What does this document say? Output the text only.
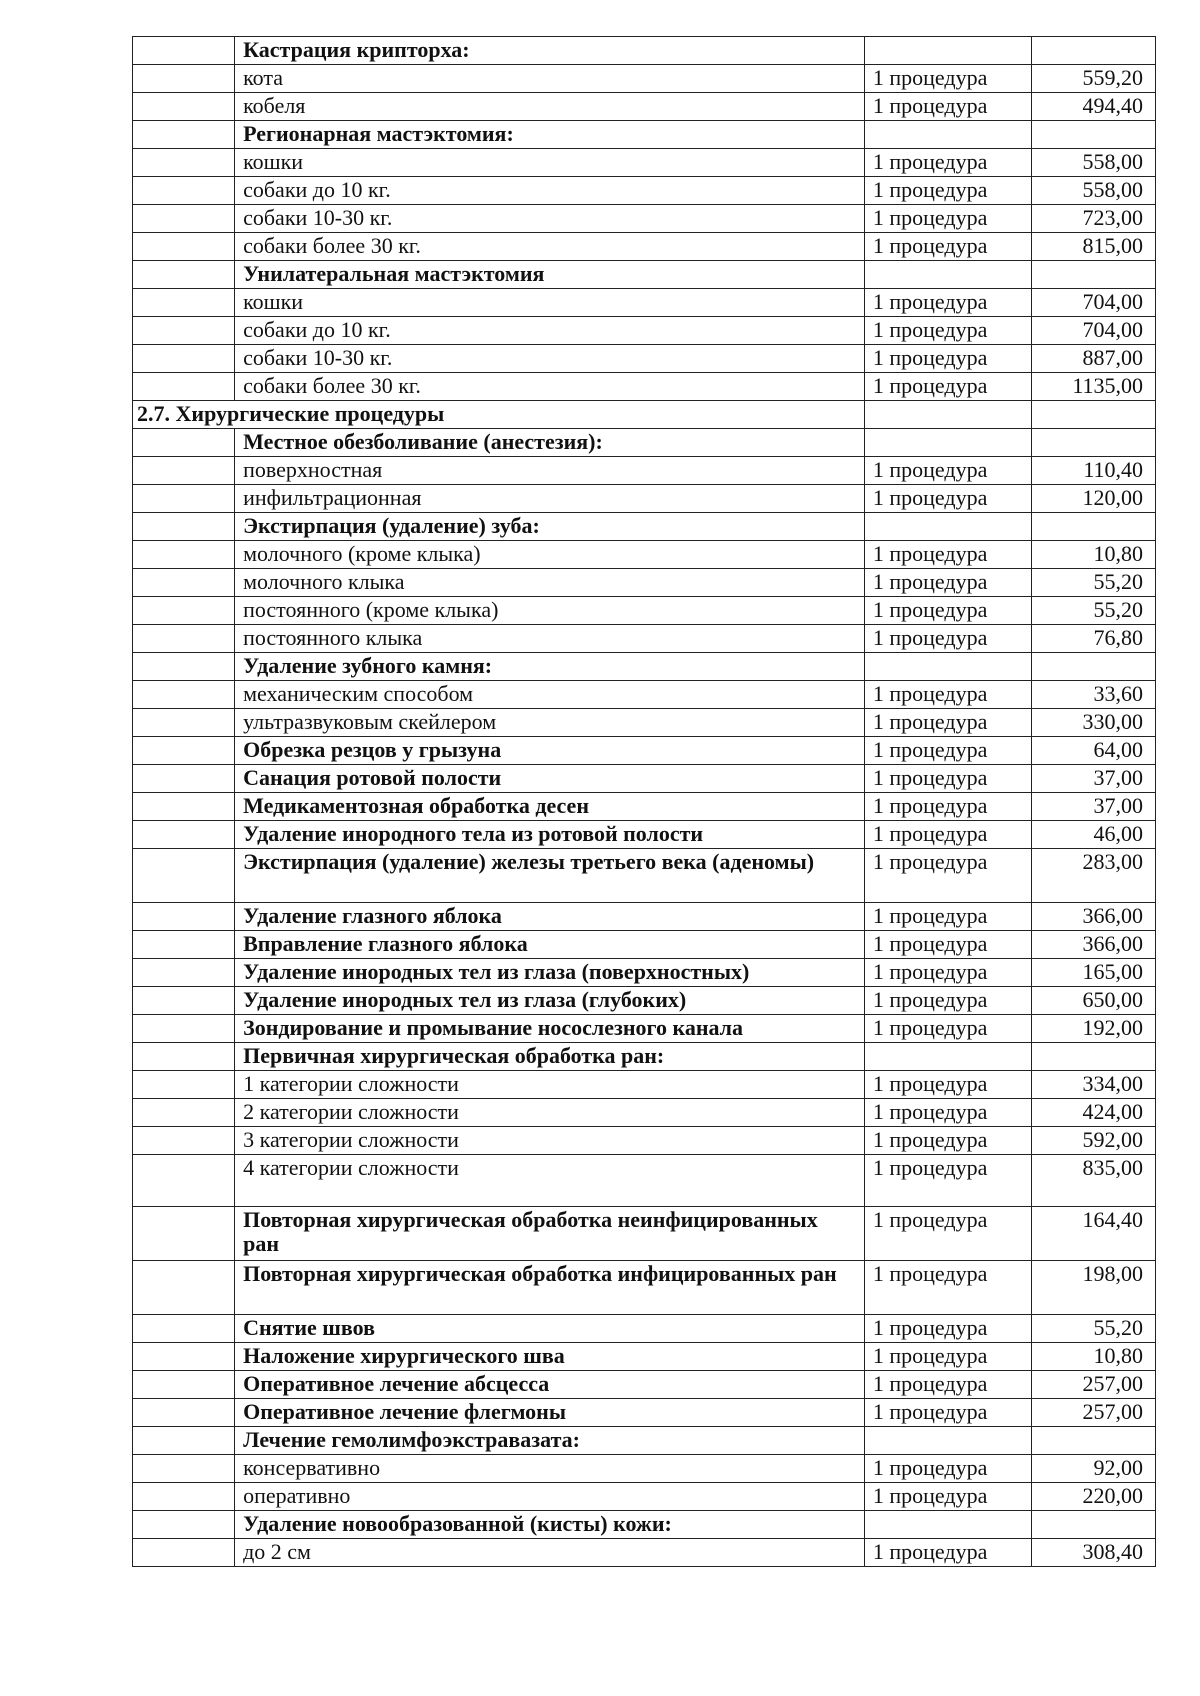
	Кастрация крипторха:		
	кота	1 процедура	559,20
	кобеля	1 процедура	494,40
	Регионарная мастэктомия:		
	кошки	1 процедура	558,00
	собаки до 10 кг.	1 процедура	558,00
	собаки 10-30 кг.	1 процедура	723,00
	собаки более 30 кг.	1 процедура	815,00
	Унилатеральная мастэктомия		
	кошки	1 процедура	704,00
	собаки до 10 кг.	1 процедура	704,00
	собаки 10-30 кг.	1 процедура	887,00
	собаки более 30 кг.	1 процедура	1135,00
2.7. Хирургические процедуры			
	Местное обезболивание (анестезия):		
	поверхностная	1 процедура	110,40
	инфильтрационная	1 процедура	120,00
	Экстирпация (удаление) зуба:		
	молочного (кроме клыка)	1 процедура	10,80
	молочного клыка	1 процедура	55,20
	постоянного (кроме клыка)	1 процедура	55,20
	постоянного клыка	1 процедура	76,80
	Удаление зубного камня:		
	механическим способом	1 процедура	33,60
	ультразвуковым скейлером	1 процедура	330,00
	Обрезка резцов у грызуна	1 процедура	64,00
	Санация ротовой полости	1 процедура	37,00
	Медикаментозная обработка десен	1 процедура	37,00
	Удаление инородного тела из ротовой полости	1 процедура	46,00
	Экстирпация (удаление) железы третьего века (аденомы)	1 процедура	283,00
	Удаление глазного яблока	1 процедура	366,00
	Вправление глазного яблока	1 процедура	366,00
	Удаление инородных тел из глаза (поверхностных)	1 процедура	165,00
	Удаление инородных тел из глаза (глубоких)	1 процедура	650,00
	Зондирование и промывание носослезного канала	1 процедура	192,00
	Первичная хирургическая обработка ран:		
	1 категории сложности	1 процедура	334,00
	2 категории сложности	1 процедура	424,00
	3 категории сложности	1 процедура	592,00
	4 категории сложности	1 процедура	835,00
	Повторная хирургическая обработка неинфицированных ран	1 процедура	164,40
	Повторная хирургическая обработка инфицированных ран	1 процедура	198,00
	Снятие швов	1 процедура	55,20
	Наложение хирургического шва	1 процедура	10,80
	Оперативное лечение абсцесса	1 процедура	257,00
	Оперативное лечение флегмоны	1 процедура	257,00
	Лечение гемолимфоэкстравазата:		
	консервативно	1 процедура	92,00
	оперативно	1 процедура	220,00
	Удаление новообразованной (кисты) кожи:		
	до 2 см	1 процедура	308,40
